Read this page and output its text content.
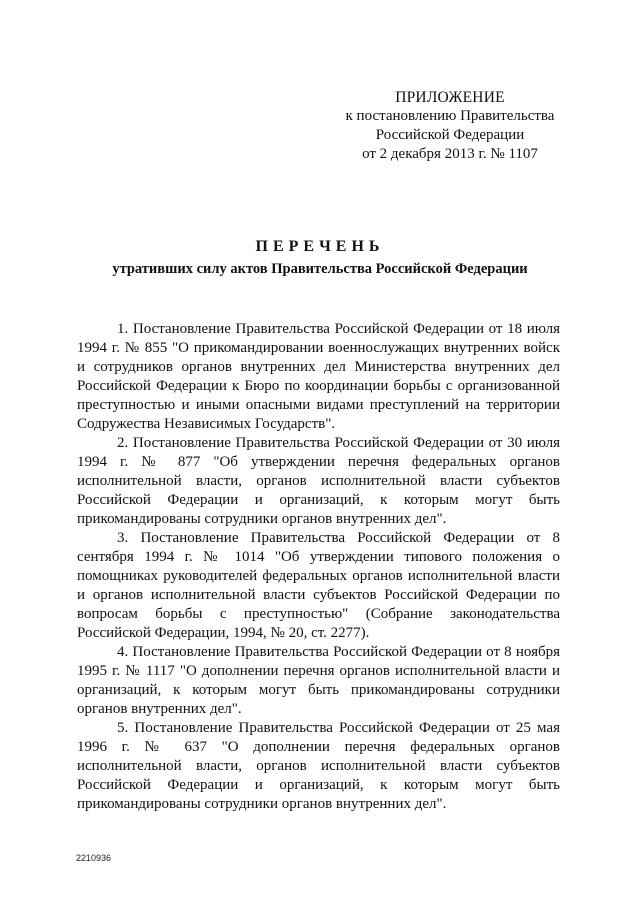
ПРИЛОЖЕНИЕ
к постановлению Правительства
Российской Федерации
от 2 декабря 2013 г. № 1107
ПЕРЕЧЕНЬ
утративших силу актов Правительства Российской Федерации

1. Постановление Правительства Российской Федерации от 18 июля 1994 г. № 855 "О прикомандировании военнослужащих внутренних войск и сотрудников органов внутренних дел Министерства внутренних дел Российской Федерации к Бюро по координации борьбы с организованной преступностью и иными опасными видами преступлений на территории Содружества Независимых Государств".

2. Постановление Правительства Российской Федерации от 30 июля 1994 г. № 877 "Об утверждении перечня федеральных органов исполнительной власти, органов исполнительной власти субъектов Российской Федерации и организаций, к которым могут быть прикомандированы сотрудники органов внутренних дел".

3. Постановление Правительства Российской Федерации от 8 сентября 1994 г. № 1014 "Об утверждении типового положения о помощниках руководителей федеральных органов исполнительной власти и органов исполнительной власти субъектов Российской Федерации по вопросам борьбы с преступностью" (Собрание законодательства Российской Федерации, 1994, № 20, ст. 2277).

4. Постановление Правительства Российской Федерации от 8 ноября 1995 г. № 1117 "О дополнении перечня органов исполнительной власти и организаций, к которым могут быть прикомандированы сотрудники органов внутренних дел".

5. Постановление Правительства Российской Федерации от 25 мая 1996 г. № 637 "О дополнении перечня федеральных органов исполнительной власти, органов исполнительной власти субъектов Российской Федерации и организаций, к которым могут быть прикомандированы сотрудники органов внутренних дел".

2210936
